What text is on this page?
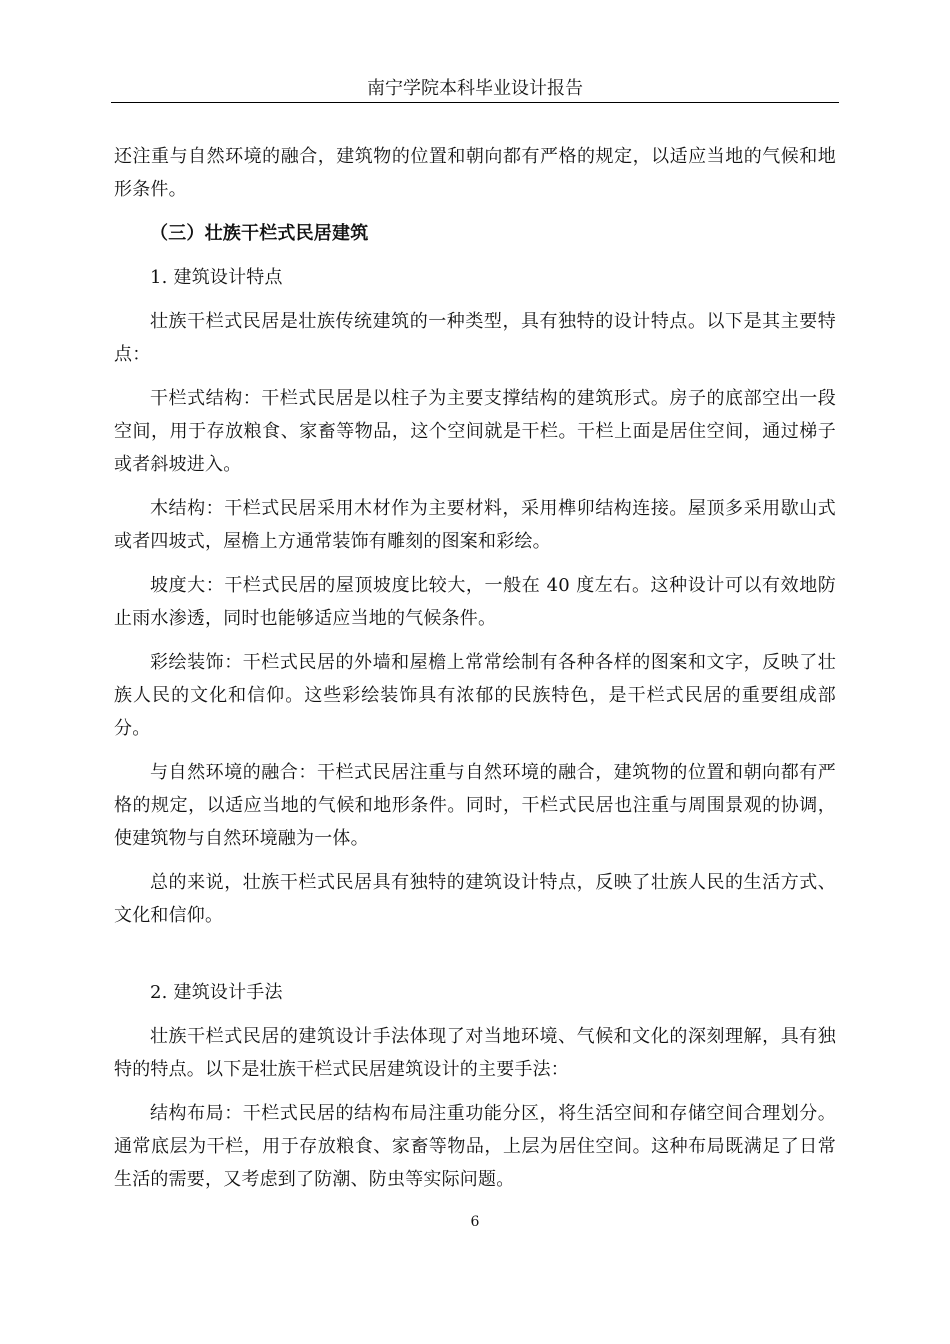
南宁学院本科毕业设计报告

还注重与自然环境的融合，建筑物的位置和朝向都有严格的规定，以适应当地的气候和地形条件。

（三）壮族干栏式民居建筑

1. 建筑设计特点

壮族干栏式民居是壮族传统建筑的一种类型，具有独特的设计特点。以下是其主要特点：

干栏式结构：干栏式民居是以柱子为主要支撑结构的建筑形式。房子的底部空出一段空间，用于存放粮食、家畜等物品，这个空间就是干栏。干栏上面是居住空间，通过梯子或者斜坡进入。

木结构：干栏式民居采用木材作为主要材料，采用榫卯结构连接。屋顶多采用歇山式或者四坡式，屋檐上方通常装饰有雕刻的图案和彩绘。

坡度大：干栏式民居的屋顶坡度比较大，一般在 40 度左右。这种设计可以有效地防止雨水渗透，同时也能够适应当地的气候条件。

彩绘装饰：干栏式民居的外墙和屋檐上常常绘制有各种各样的图案和文字，反映了壮族人民的文化和信仰。这些彩绘装饰具有浓郁的民族特色，是干栏式民居的重要组成部分。

与自然环境的融合：干栏式民居注重与自然环境的融合，建筑物的位置和朝向都有严格的规定，以适应当地的气候和地形条件。同时，干栏式民居也注重与周围景观的协调，使建筑物与自然环境融为一体。

总的来说，壮族干栏式民居具有独特的建筑设计特点，反映了壮族人民的生活方式、文化和信仰。

2. 建筑设计手法

壮族干栏式民居的建筑设计手法体现了对当地环境、气候和文化的深刻理解，具有独特的特点。以下是壮族干栏式民居建筑设计的主要手法：

结构布局：干栏式民居的结构布局注重功能分区，将生活空间和存储空间合理划分。通常底层为干栏，用于存放粮食、家畜等物品，上层为居住空间。这种布局既满足了日常生活的需要，又考虑到了防潮、防虫等实际问题。

6
